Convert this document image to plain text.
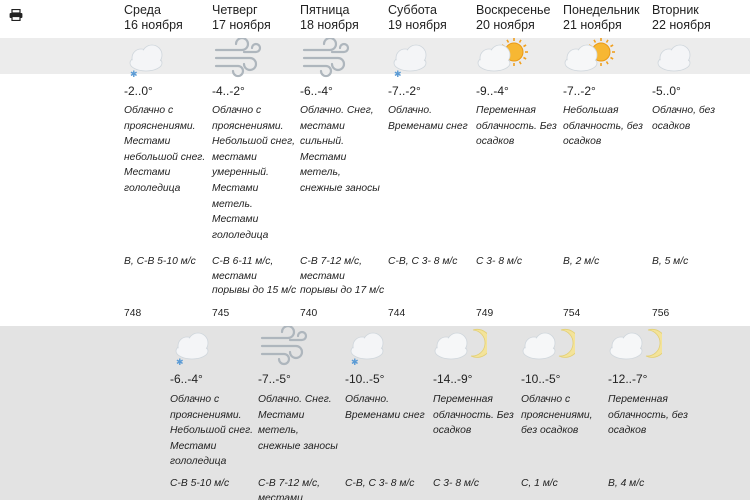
Среда
16 ноября
Четверг
17 ноября
Пятница
18 ноября
Суббота
19 ноября
Воскресенье
20 ноября
Понедельник
21 ноября
Вторник
22 ноября
✱
-2..0°
Облачно с
прояснениями.
Местами
небольшой снег.
Местами
гололедица
В, С-В 5-10 м/с
748
-4..-2°
Облачно с
прояснениями.
Небольшой снег,
местами
умеренный.
Местами
метель.
Местами
гололедица
С-В 6-11 м/с,
местами
порывы до 15 м/с
745
-6..-4°
Облачно. Снег,
местами
сильный.
Местами
метель,
снежные заносы
С-В 7-12 м/с,
местами
порывы до 17 м/с
740
✱
-7..-2°
Облачно.
Временами снег
С-В, С 3- 8 м/с
744
-9..-4°
Переменная
облачность. Без
осадков
С 3- 8 м/с
749
-7..-2°
Небольшая
облачность, без
осадков
В, 2 м/с
754
-5..0°
Облачно, без
осадков
В, 5 м/с
756
✱
-6..-4°
Облачно с
прояснениями.
Небольшой снег.
Местами
гололедица
С-В 5-10 м/с
-7..-5°
Облачно. Снег.
Местами
метель,
снежные заносы
С-В 7-12 м/с,
местами
✱
-10..-5°
Облачно.
Временами снег
С-В, С 3- 8 м/с
-14..-9°
Переменная
облачность. Без
осадков
С 3- 8 м/с
-10..-5°
Облачно с
прояснениями,
без осадков
С, 1 м/с
-12..-7°
Переменная
облачность, без
осадков
В, 4 м/с
